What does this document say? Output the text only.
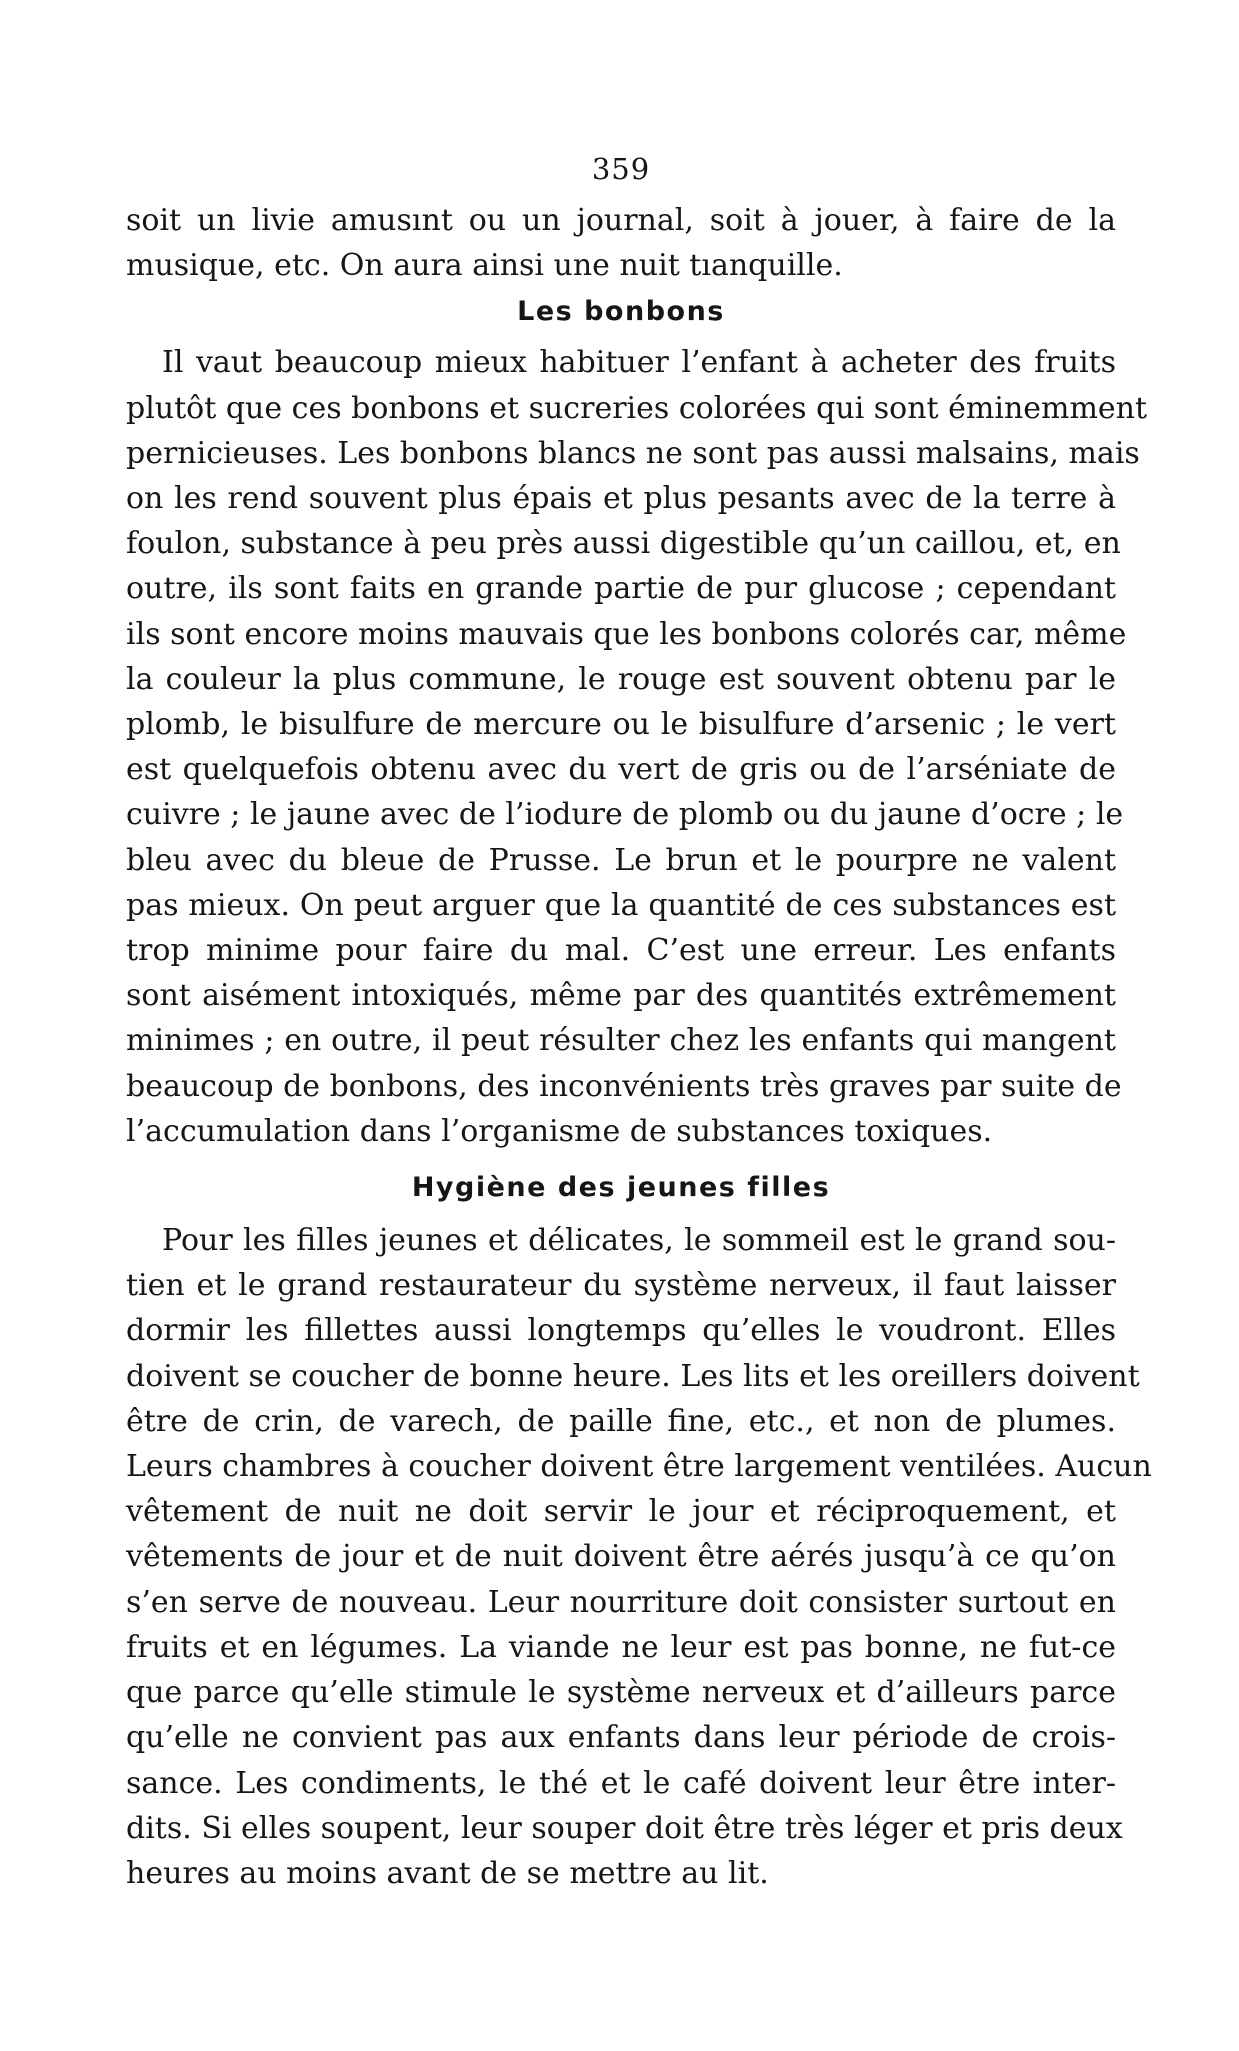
359
soit un livie amusınt ou un journal, soit à jouer, à faire de la
musique, etc. On aura ainsi une nuit tıanquille.
Les bonbons
Il vaut beaucoup mieux habituer l’enfant à acheter des fruits
plutôt que ces bonbons et sucreries colorées qui sont éminemment
pernicieuses. Les bonbons blancs ne sont pas aussi malsains, mais
on les rend souvent plus épais et plus pesants avec de la terre à
foulon, substance à peu près aussi digestible qu’un caillou, et, en
outre, ils sont faits en grande partie de pur glucose ; cependant
ils sont encore moins mauvais que les bonbons colorés car, même
la couleur la plus commune, le rouge est souvent obtenu par le
plomb, le bisulfure de mercure ou le bisulfure d’arsenic ; le vert
est quelquefois obtenu avec du vert de gris ou de l’arséniate de
cuivre ; le jaune avec de l’iodure de plomb ou du jaune d’ocre ; le
bleu avec du bleue de Prusse. Le brun et le pourpre ne valent
pas mieux. On peut arguer que la quantité de ces substances est
trop minime pour faire du mal. C’est une erreur. Les enfants
sont aisément intoxiqués, même par des quantités extrêmement
minimes ; en outre, il peut résulter chez les enfants qui mangent
beaucoup de bonbons, des inconvénients très graves par suite de
l’accumulation dans l’organisme de substances toxiques.
Hygiène des jeunes filles
Pour les filles jeunes et délicates, le sommeil est le grand sou-
tien et le grand restaurateur du système nerveux, il faut laisser
dormir les fillettes aussi longtemps qu’elles le voudront. Elles
doivent se coucher de bonne heure. Les lits et les oreillers doivent
être de crin, de varech, de paille fine, etc., et non de plumes.
Leurs chambres à coucher doivent être largement ventilées. Aucun
vêtement de nuit ne doit servir le jour et réciproquement, et
vêtements de jour et de nuit doivent être aérés jusqu’à ce qu’on
s’en serve de nouveau. Leur nourriture doit consister surtout en
fruits et en légumes. La viande ne leur est pas bonne, ne fut-ce
que parce qu’elle stimule le système nerveux et d’ailleurs parce
qu’elle ne convient pas aux enfants dans leur période de crois-
sance. Les condiments, le thé et le café doivent leur être inter-
dits. Si elles soupent, leur souper doit être très léger et pris deux
heures au moins avant de se mettre au lit.
